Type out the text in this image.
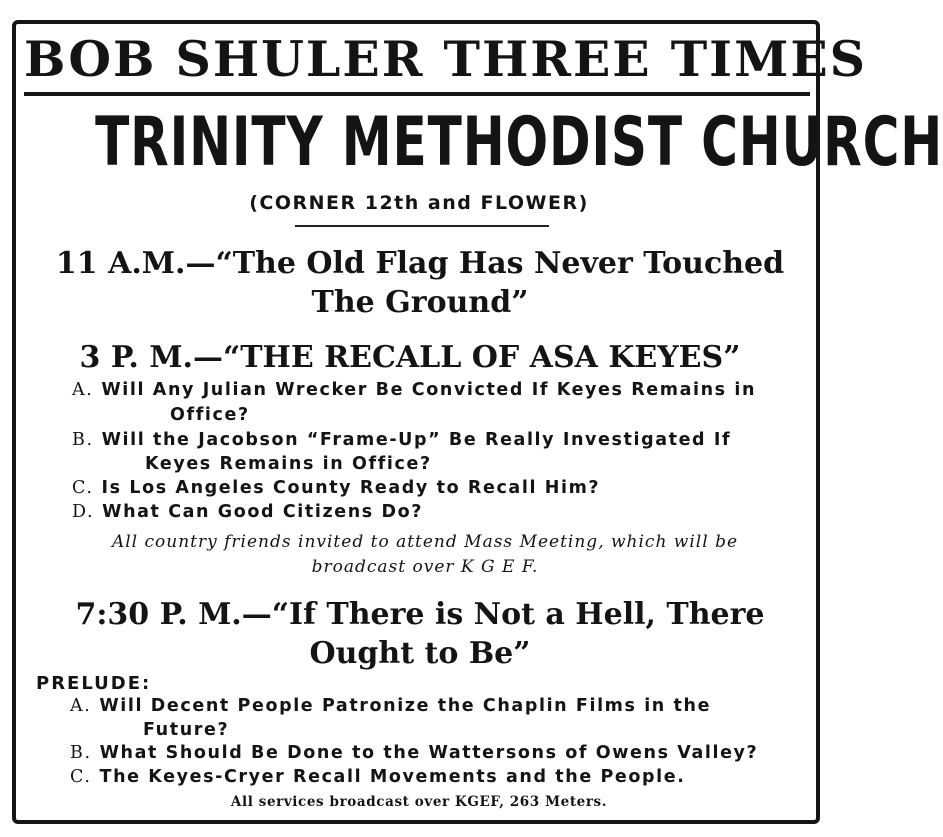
BOB SHULER THREE TIMES
TRINITY METHODIST CHURCH
(CORNER 12th and FLOWER)
11 A.M.—“The Old Flag Has Never Touched
The Ground”
3 P. M.—“THE RECALL OF ASA KEYES”
A. Will Any Julian Wrecker Be Convicted If Keyes Remains in
Office?
B. Will the Jacobson “Frame-Up” Be Really Investigated If
Keyes Remains in Office?
C. Is Los Angeles County Ready to Recall Him?
D. What Can Good Citizens Do?
All country friends invited to attend Mass Meeting, which will be
broadcast over K G E F.
7:30 P. M.—“If There is Not a Hell, There
Ought to Be”
PRELUDE:
A. Will Decent People Patronize the Chaplin Films in the
Future?
B. What Should Be Done to the Wattersons of Owens Valley?
C. The Keyes-Cryer Recall Movements and the People.
All services broadcast over KGEF, 263 Meters.
